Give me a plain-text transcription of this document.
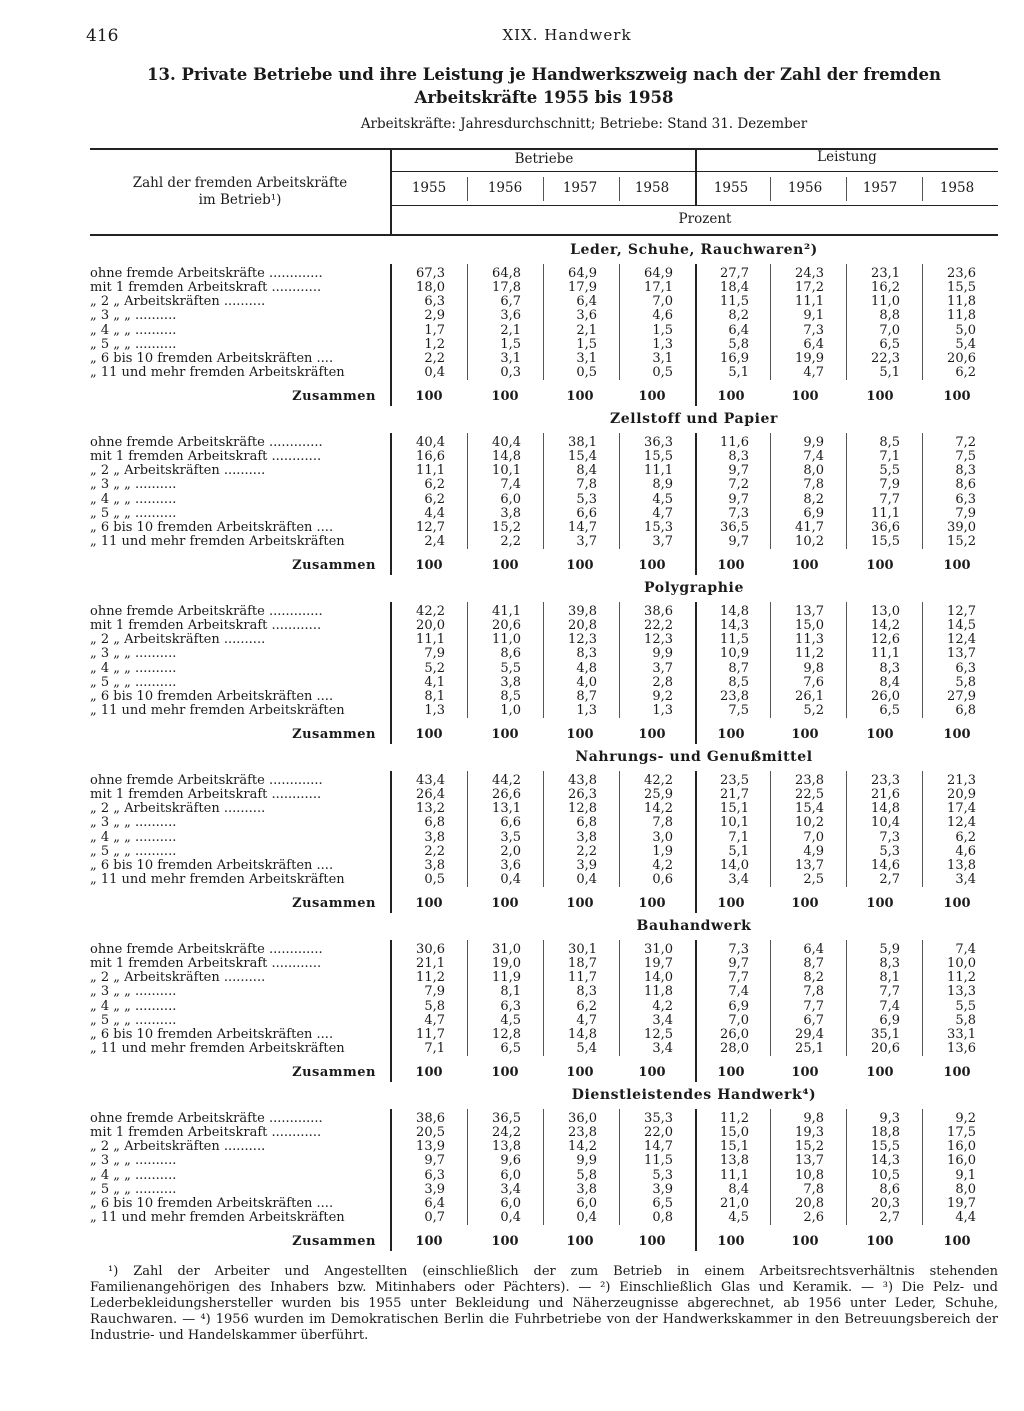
416	XIX. Handwerk
13. Private Betriebe und ihre Leistung je Handwerkszweig nach der Zahl der fremden
Arbeitskräfte 1955 bis 1958
Arbeitskräfte: Jahresdurchschnitt; Betriebe: Stand 31. Dezember
Zahl der fremden Arbeitskräfte
im Betrieb¹)
Betriebe	Leistung
Prozent
1955	1956	1957	1958	1955	1956	1957	1958
Leder, Schuhe, Rauchwaren²)
ohne fremde Arbeitskräfte .............	67,3	64,8	64,9	64,9	27,7	24,3	23,1	23,6
mit 1 fremden Arbeitskraft ............	18,0	17,8	17,9	17,1	18,4	17,2	16,2	15,5
„ 2 „ Arbeitskräften ..........	6,3	6,7	6,4	7,0	11,5	11,1	11,0	11,8
„ 3 „ „ ..........	2,9	3,6	3,6	4,6	8,2	9,1	8,8	11,8
„ 4 „ „ ..........	1,7	2,1	2,1	1,5	6,4	7,3	7,0	5,0
„ 5 „ „ ..........	1,2	1,5	1,5	1,3	5,8	6,4	6,5	5,4
„ 6 bis 10 fremden Arbeitskräften ....	2,2	3,1	3,1	3,1	16,9	19,9	22,3	20,6
„ 11 und mehr fremden Arbeitskräften	0,4	0,3	0,5	0,5	5,1	4,7	5,1	6,2
Zusammen	100	100	100	100	100	100	100	100
Zellstoff und Papier
ohne fremde Arbeitskräfte .............	40,4	40,4	38,1	36,3	11,6	9,9	8,5	7,2
mit 1 fremden Arbeitskraft ............	16,6	14,8	15,4	15,5	8,3	7,4	7,1	7,5
„ 2 „ Arbeitskräften ..........	11,1	10,1	8,4	11,1	9,7	8,0	5,5	8,3
„ 3 „ „ ..........	6,2	7,4	7,8	8,9	7,2	7,8	7,9	8,6
„ 4 „ „ ..........	6,2	6,0	5,3	4,5	9,7	8,2	7,7	6,3
„ 5 „ „ ..........	4,4	3,8	6,6	4,7	7,3	6,9	11,1	7,9
„ 6 bis 10 fremden Arbeitskräften ....	12,7	15,2	14,7	15,3	36,5	41,7	36,6	39,0
„ 11 und mehr fremden Arbeitskräften	2,4	2,2	3,7	3,7	9,7	10,2	15,5	15,2
Zusammen	100	100	100	100	100	100	100	100
Polygraphie
ohne fremde Arbeitskräfte .............	42,2	41,1	39,8	38,6	14,8	13,7	13,0	12,7
mit 1 fremden Arbeitskraft ............	20,0	20,6	20,8	22,2	14,3	15,0	14,2	14,5
„ 2 „ Arbeitskräften ..........	11,1	11,0	12,3	12,3	11,5	11,3	12,6	12,4
„ 3 „ „ ..........	7,9	8,6	8,3	9,9	10,9	11,2	11,1	13,7
„ 4 „ „ ..........	5,2	5,5	4,8	3,7	8,7	9,8	8,3	6,3
„ 5 „ „ ..........	4,1	3,8	4,0	2,8	8,5	7,6	8,4	5,8
„ 6 bis 10 fremden Arbeitskräften ....	8,1	8,5	8,7	9,2	23,8	26,1	26,0	27,9
„ 11 und mehr fremden Arbeitskräften	1,3	1,0	1,3	1,3	7,5	5,2	6,5	6,8
Zusammen	100	100	100	100	100	100	100	100
Nahrungs- und Genußmittel
ohne fremde Arbeitskräfte .............	43,4	44,2	43,8	42,2	23,5	23,8	23,3	21,3
mit 1 fremden Arbeitskraft ............	26,4	26,6	26,3	25,9	21,7	22,5	21,6	20,9
„ 2 „ Arbeitskräften ..........	13,2	13,1	12,8	14,2	15,1	15,4	14,8	17,4
„ 3 „ „ ..........	6,8	6,6	6,8	7,8	10,1	10,2	10,4	12,4
„ 4 „ „ ..........	3,8	3,5	3,8	3,0	7,1	7,0	7,3	6,2
„ 5 „ „ ..........	2,2	2,0	2,2	1,9	5,1	4,9	5,3	4,6
„ 6 bis 10 fremden Arbeitskräften ....	3,8	3,6	3,9	4,2	14,0	13,7	14,6	13,8
„ 11 und mehr fremden Arbeitskräften	0,5	0,4	0,4	0,6	3,4	2,5	2,7	3,4
Zusammen	100	100	100	100	100	100	100	100
Bauhandwerk
ohne fremde Arbeitskräfte .............	30,6	31,0	30,1	31,0	7,3	6,4	5,9	7,4
mit 1 fremden Arbeitskraft ............	21,1	19,0	18,7	19,7	9,7	8,7	8,3	10,0
„ 2 „ Arbeitskräften ..........	11,2	11,9	11,7	14,0	7,7	8,2	8,1	11,2
„ 3 „ „ ..........	7,9	8,1	8,3	11,8	7,4	7,8	7,7	13,3
„ 4 „ „ ..........	5,8	6,3	6,2	4,2	6,9	7,7	7,4	5,5
„ 5 „ „ ..........	4,7	4,5	4,7	3,4	7,0	6,7	6,9	5,8
„ 6 bis 10 fremden Arbeitskräften ....	11,7	12,8	14,8	12,5	26,0	29,4	35,1	33,1
„ 11 und mehr fremden Arbeitskräften	7,1	6,5	5,4	3,4	28,0	25,1	20,6	13,6
Zusammen	100	100	100	100	100	100	100	100
Dienstleistendes Handwerk⁴)
ohne fremde Arbeitskräfte .............	38,6	36,5	36,0	35,3	11,2	9,8	9,3	9,2
mit 1 fremden Arbeitskraft ............	20,5	24,2	23,8	22,0	15,0	19,3	18,8	17,5
„ 2 „ Arbeitskräften ..........	13,9	13,8	14,2	14,7	15,1	15,2	15,5	16,0
„ 3 „ „ ..........	9,7	9,6	9,9	11,5	13,8	13,7	14,3	16,0
„ 4 „ „ ..........	6,3	6,0	5,8	5,3	11,1	10,8	10,5	9,1
„ 5 „ „ ..........	3,9	3,4	3,8	3,9	8,4	7,8	8,6	8,0
„ 6 bis 10 fremden Arbeitskräften ....	6,4	6,0	6,0	6,5	21,0	20,8	20,3	19,7
„ 11 und mehr fremden Arbeitskräften	0,7	0,4	0,4	0,8	4,5	2,6	2,7	4,4
Zusammen	100	100	100	100	100	100	100	100

¹) Zahl der Arbeiter und Angestellten (einschließlich der zum Betrieb in einem Arbeitsrechtsverhältnis stehenden Familienangehörigen des Inhabers bzw. Mitinhabers oder Pächters). — ²) Einschließlich Glas und Keramik. — ³) Die Pelz- und Lederbekleidungshersteller wurden bis 1955 unter Bekleidung und Näherzeugnisse abgerechnet, ab 1956 unter Leder, Schuhe, Rauchwaren. — ⁴) 1956 wurden im Demokratischen Berlin die Fuhrbetriebe von der Handwerkskammer in den Betreuungsbereich der Industrie- und Handelskammer überführt.
